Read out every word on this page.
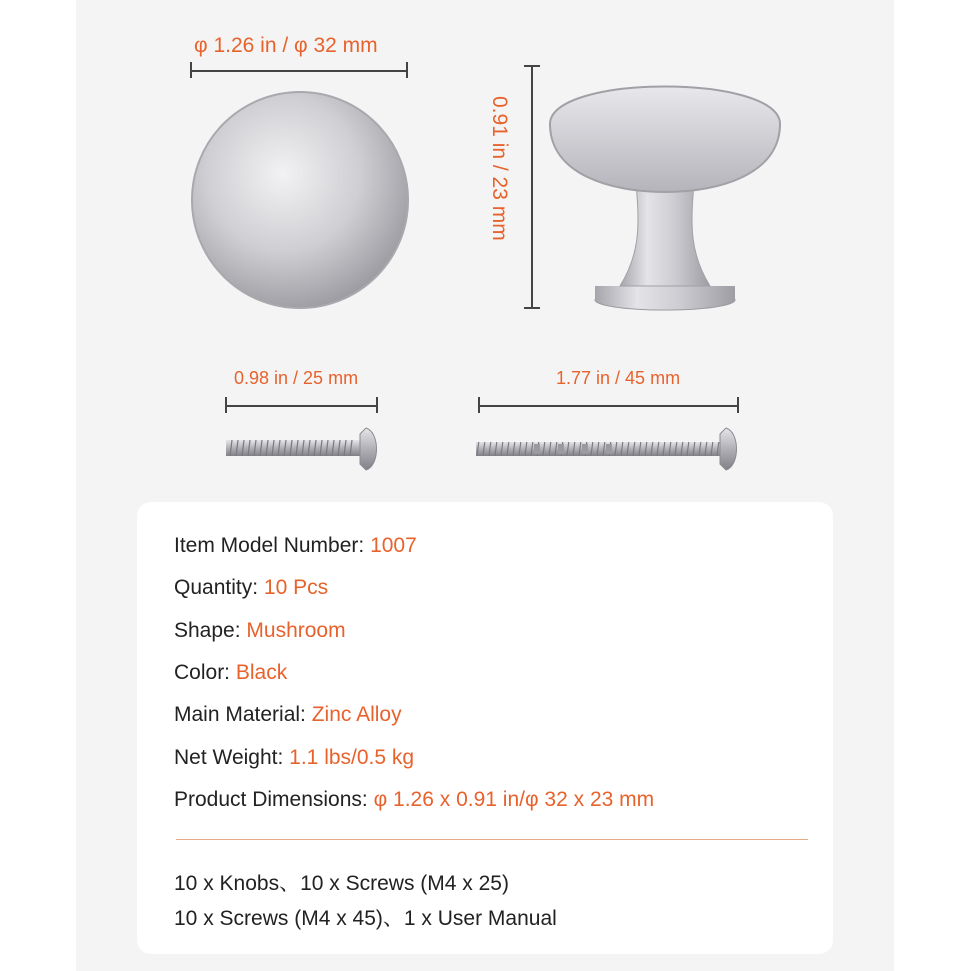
φ 1.26 in / φ 32 mm
0.91 in / 23 mm
0.98 in / 25 mm	1.77 in / 45 mm
Item Model Number: 1007
Quantity: 10 Pcs
Shape: Mushroom
Color: Black
Main Material: Zinc Alloy
Net Weight: 1.1 lbs/0.5 kg
Product Dimensions: φ 1.26 x 0.91 in/φ 32 x 23 mm
10 x Knobs、10 x Screws (M4 x 25)
10 x Screws (M4 x 45)、1 x User Manual
